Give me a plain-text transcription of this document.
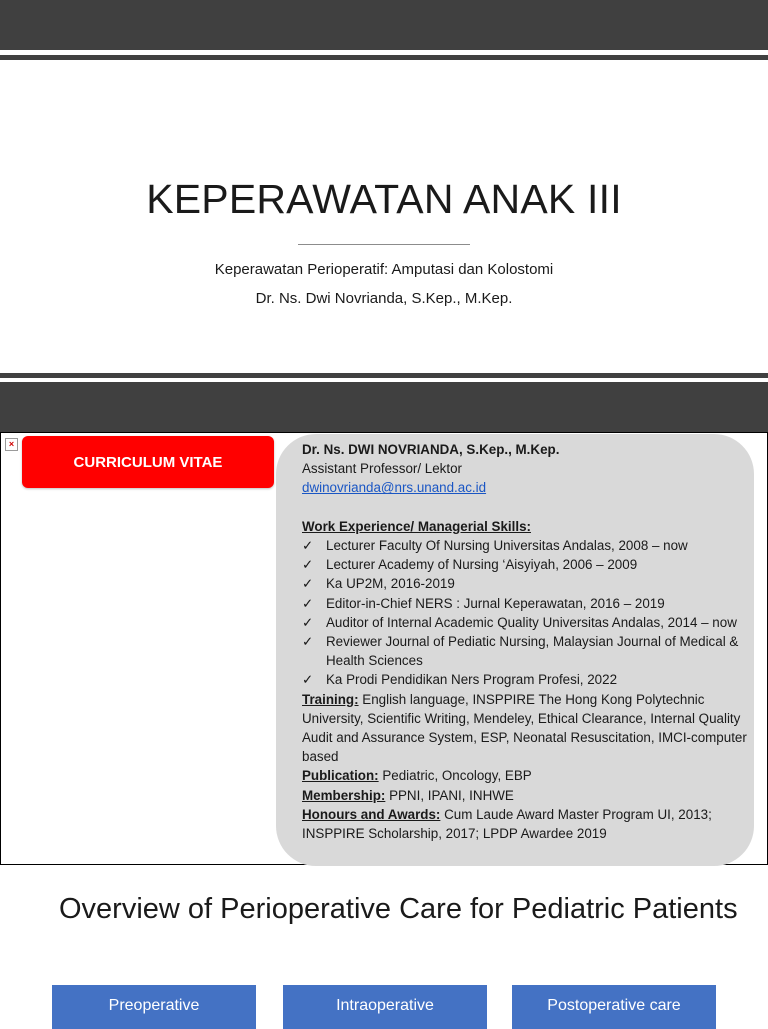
KEPERAWATAN ANAK III
Keperawatan Perioperatif: Amputasi dan Kolostomi
Dr. Ns. Dwi Novrianda, S.Kep., M.Kep.
×
CURRICULUM VITAE
Dr. Ns. DWI NOVRIANDA, S.Kep., M.Kep.
Assistant Professor/ Lektor
dwinovrianda@nrs.unand.ac.id
Work Experience/ Managerial Skills:
✓ Lecturer Faculty Of Nursing Universitas Andalas, 2008 – now
✓ Lecturer Academy of Nursing ‘Aisyiyah, 2006 – 2009
✓ Ka UP2M, 2016-2019
✓ Editor-in-Chief NERS : Jurnal Keperawatan, 2016 – 2019
✓ Auditor of Internal Academic Quality Universitas Andalas, 2014 – now
✓ Reviewer Journal of Pediatic Nursing, Malaysian Journal of Medical & Health Sciences
✓ Ka Prodi Pendidikan Ners Program Profesi, 2022
Training: English language, INSPPIRE The Hong Kong Polytechnic University, Scientific Writing, Mendeley, Ethical Clearance, Internal Quality Audit and Assurance System, ESP, Neonatal Resuscitation, IMCI-computer based
Publication: Pediatric, Oncology, EBP
Membership: PPNI, IPANI, INHWE
Honours and Awards: Cum Laude Award Master Program UI, 2013; INSPPIRE Scholarship, 2017; LPDP Awardee 2019
Overview of Perioperative Care for Pediatric Patients
Preoperative	Intraoperative	Postoperative care
